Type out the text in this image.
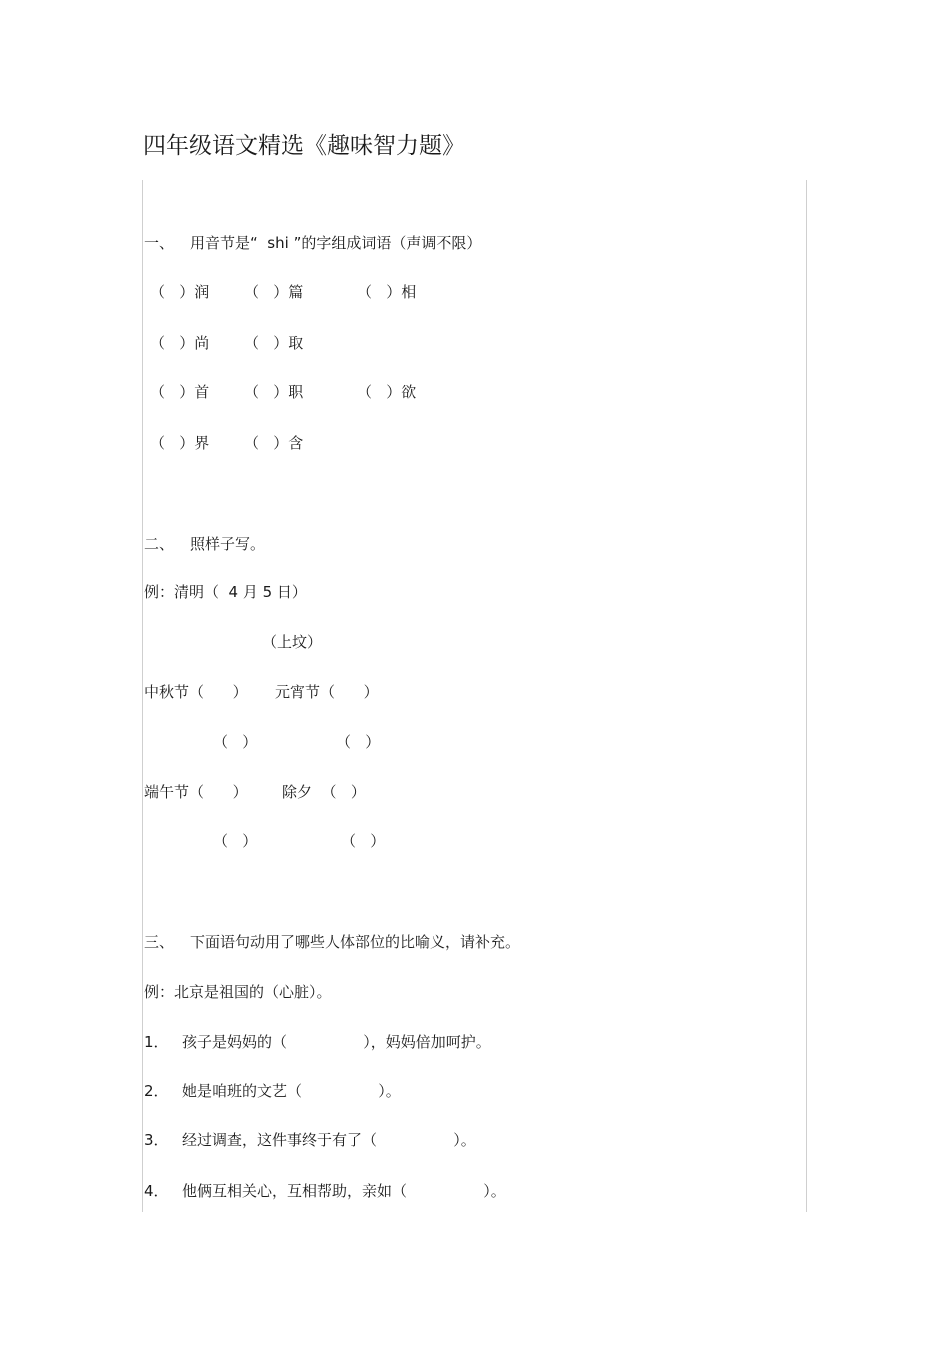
四年级语文精选《趣味智力题》
一、 用音节是“  shi ”的字组成词语（声调不限）
（   ）润 （   ）篇	（   ）相
（   ）尚 （   ）取
（   ）首 （   ）职	（   ）欲
（   ）界 （   ）含
二、 照样子写。
例：清明（  4 月 5 日）
（上坟）
中秋节（      ） 元宵节（      ）
（   ）	（   ）
端午节（      ） 除夕  （   ）
（   ）	（   ）
三、 下面语句动用了哪些人体部位的比喻义，请补充。
例：北京是祖国的（心脏）。
1． 孩子是妈妈的（                ），妈妈倍加呵护。
2． 她是咱班的文艺（                ）。
3． 经过调查，这件事终于有了（                ）。
4． 他俩互相关心，互相帮助，亲如（                ）。
